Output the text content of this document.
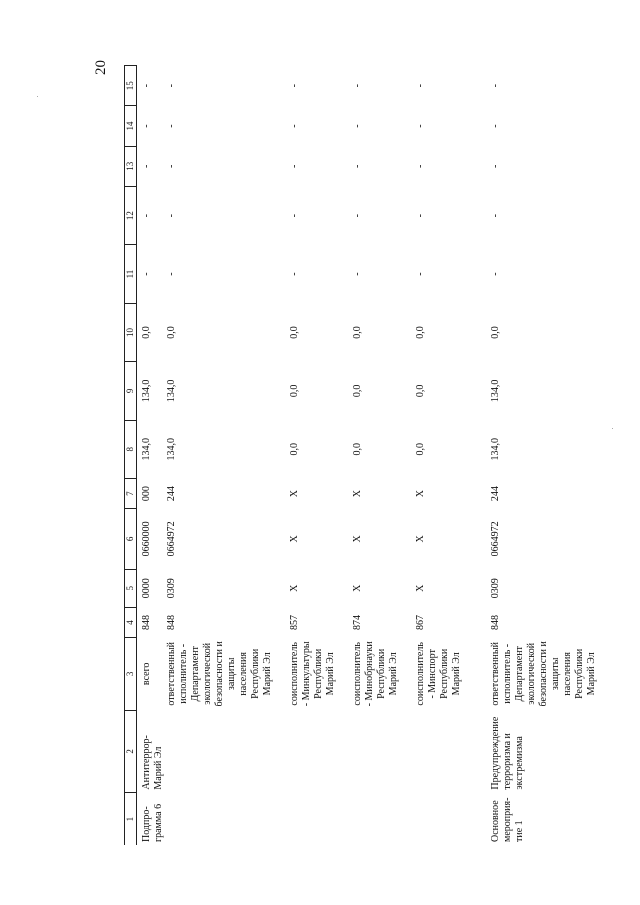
20
1	2	3	4	5	6	7	8	9	10	11	12	13	14	15
Подпро-грамма 6	Антитеррор-Марий Эл	всего	848	0000	0660000	000	134,0	134,0	0,0	-	-	-	-	-
		ответственный исполнитель - Департамент экологической безопасности и защиты населения Республики Марий Эл	848	0309	0664972	244	134,0	134,0	0,0	-	-	-	-	-
		соисполнитель - Минкультуры Республики Марий Эл	857	X	X	X	0,0	0,0	0,0	-	-	-	-	-
		соисполнитель - Минобрнауки Республики Марий Эл	874	X	X	X	0,0	0,0	0,0	-	-	-	-	-
		соисполнитель - Минспорт Республики Марий Эл	867	X	X	X	0,0	0,0	0,0	-	-	-	-	-
Основное мероприя-тие 1	Предупреждение терроризма и экстремизма	ответственный исполнитель - Департамент экологической безопасности и защиты населения Республики Марий Эл	848	0309	0664972	244	134,0	134,0	0,0	-	-	-	-	-
